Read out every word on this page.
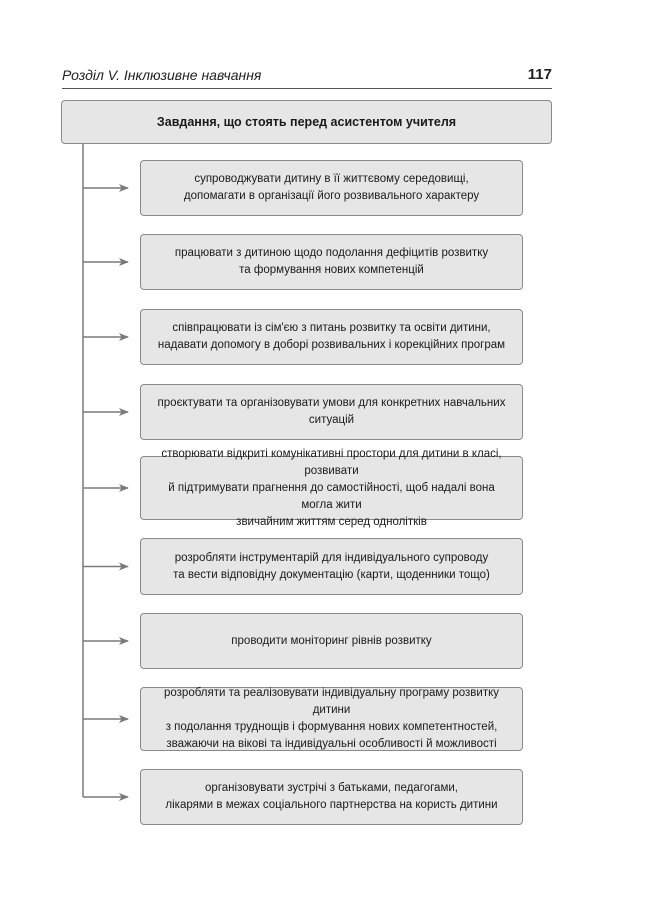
Розділ V. Інклюзивне навчання	117
Завдання, що стоять перед асистентом учителя
супроводжувати дитину в її життєвому середовищі,
допомагати в організації його розвивального характеру
працювати з дитиною щодо подолання дефіцитів розвитку
та формування нових компетенцій
співпрацювати із сім'єю з питань розвитку та освіти дитини,
надавати допомогу в доборі розвивальних і корекційних програм
проєктувати та організовувати умови для конкретних навчальних ситуацій
створювати відкриті комунікативні простори для дитини в класі, розвивати
й підтримувати прагнення до самостійності, щоб надалі вона могла жити
звичайним життям серед однолітків
розробляти інструментарій для індивідуального супроводу
та вести відповідну документацію (карти, щоденники тощо)
проводити моніторинг рівнів розвитку
розробляти та реалізовувати індивідуальну програму розвитку дитини
з подолання труднощів і формування нових компетентностей,
зважаючи на вікові та індивідуальні особливості й можливості
організовувати зустрічі з батьками, педагогами,
лікарями в межах соціального партнерства на користь дитини
